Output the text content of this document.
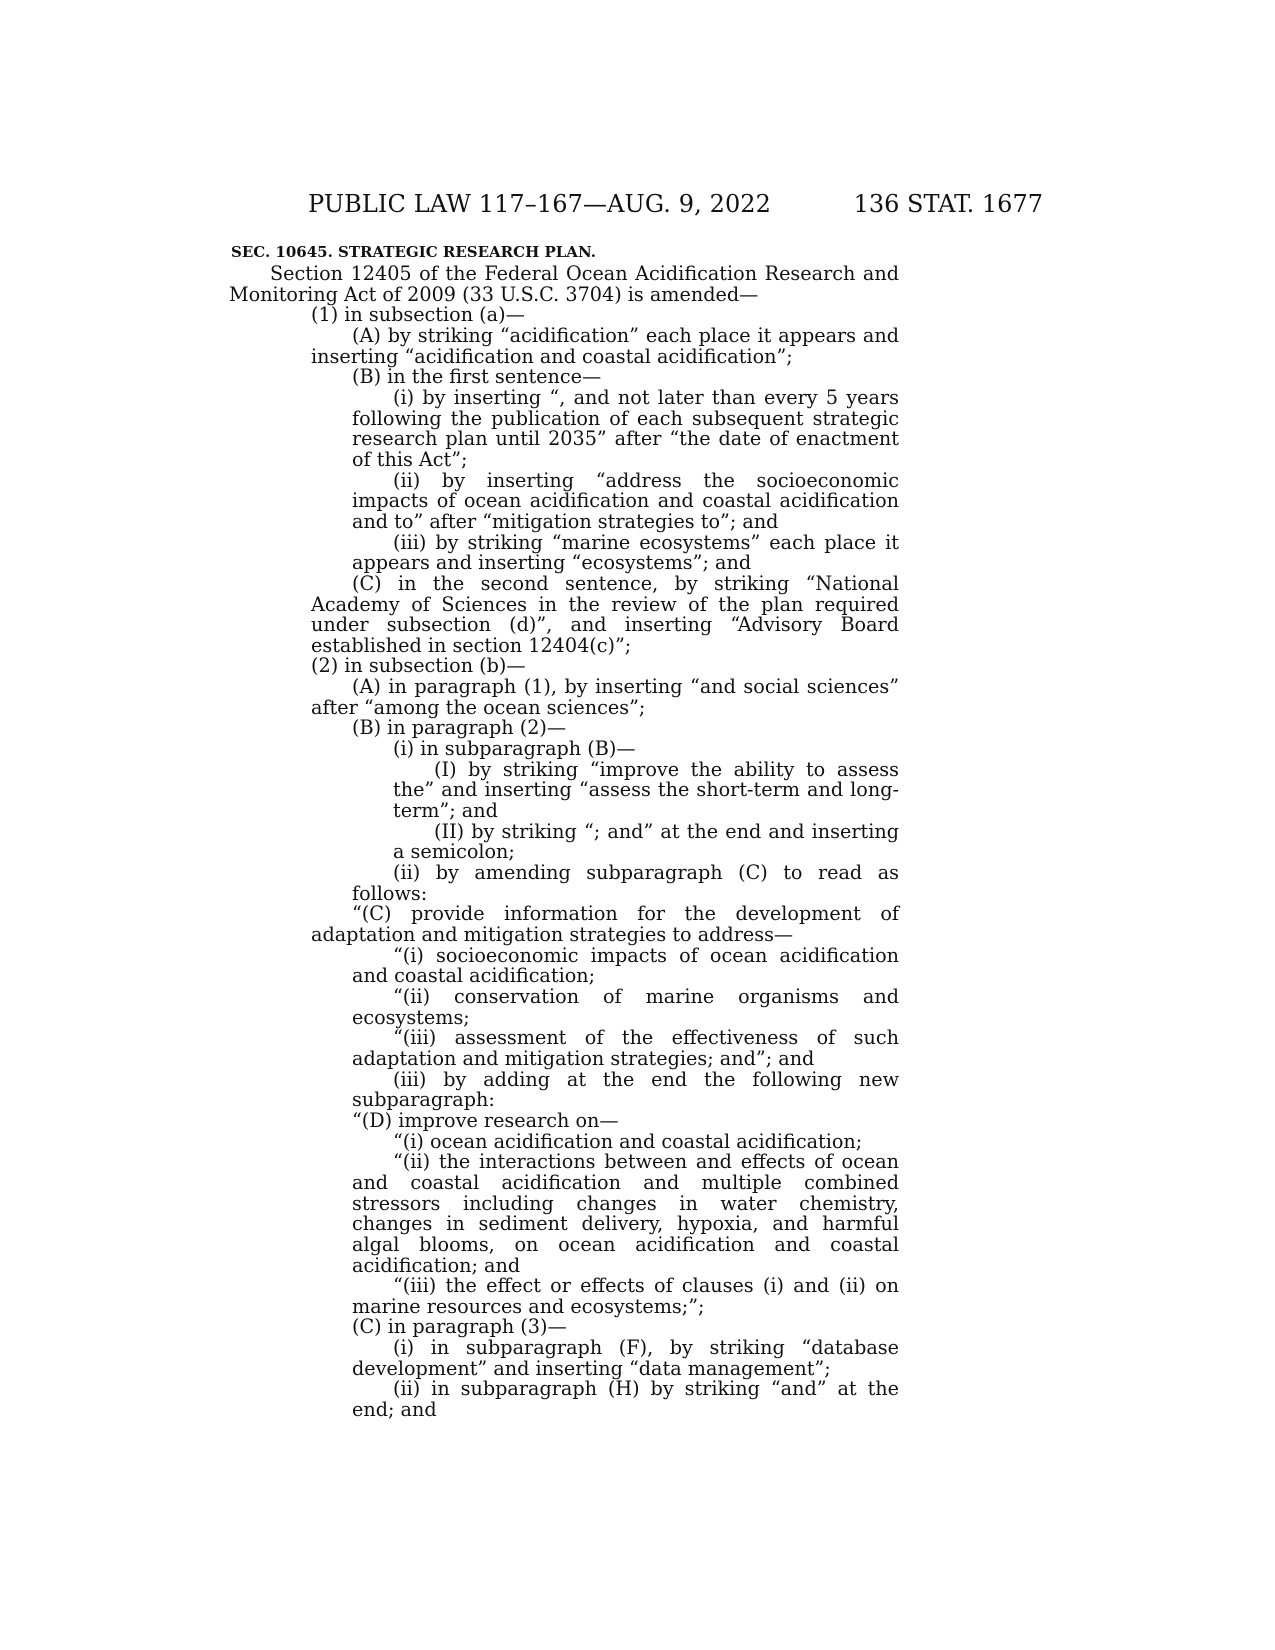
PUBLIC LAW 117–167—AUG. 9, 2022	136 STAT. 1677
SEC. 10645. STRATEGIC RESEARCH PLAN.

Section 12405 of the Federal Ocean Acidification Research and Monitoring Act of 2009 (33 U.S.C. 3704) is amended—

(1) in subsection (a)—

(A) by striking “acidification” each place it appears and inserting “acidification and coastal acidification”;

(B) in the first sentence—

(i) by inserting “, and not later than every 5 years following the publication of each subsequent strategic research plan until 2035” after “the date of enactment of this Act”;

(ii) by inserting “address the socioeconomic impacts of ocean acidification and coastal acidification and to” after “mitigation strategies to”; and

(iii) by striking “marine ecosystems” each place it appears and inserting “ecosystems”; and

(C) in the second sentence, by striking “National Academy of Sciences in the review of the plan required under subsection (d)”, and inserting “Advisory Board established in section 12404(c)”;

(2) in subsection (b)—

(A) in paragraph (1), by inserting “and social sciences” after “among the ocean sciences”;

(B) in paragraph (2)—

(i) in subparagraph (B)—

(I) by striking “improve the ability to assess the” and inserting “assess the short-term and long-term”; and

(II) by striking “; and” at the end and inserting a semicolon;

(ii) by amending subparagraph (C) to read as follows:

“(C) provide information for the development of adaptation and mitigation strategies to address—

“(i) socioeconomic impacts of ocean acidification and coastal acidification;

“(ii) conservation of marine organisms and ecosystems;

“(iii) assessment of the effectiveness of such adaptation and mitigation strategies; and”; and

(iii) by adding at the end the following new subparagraph:

“(D) improve research on—

“(i) ocean acidification and coastal acidification;

“(ii) the interactions between and effects of ocean and coastal acidification and multiple combined stressors including changes in water chemistry, changes in sediment delivery, hypoxia, and harmful algal blooms, on ocean acidification and coastal acidification; and

“(iii) the effect or effects of clauses (i) and (ii) on marine resources and ecosystems;”;

(C) in paragraph (3)—

(i) in subparagraph (F), by striking “database development” and inserting “data management”;

(ii) in subparagraph (H) by striking “and” at the end; and
